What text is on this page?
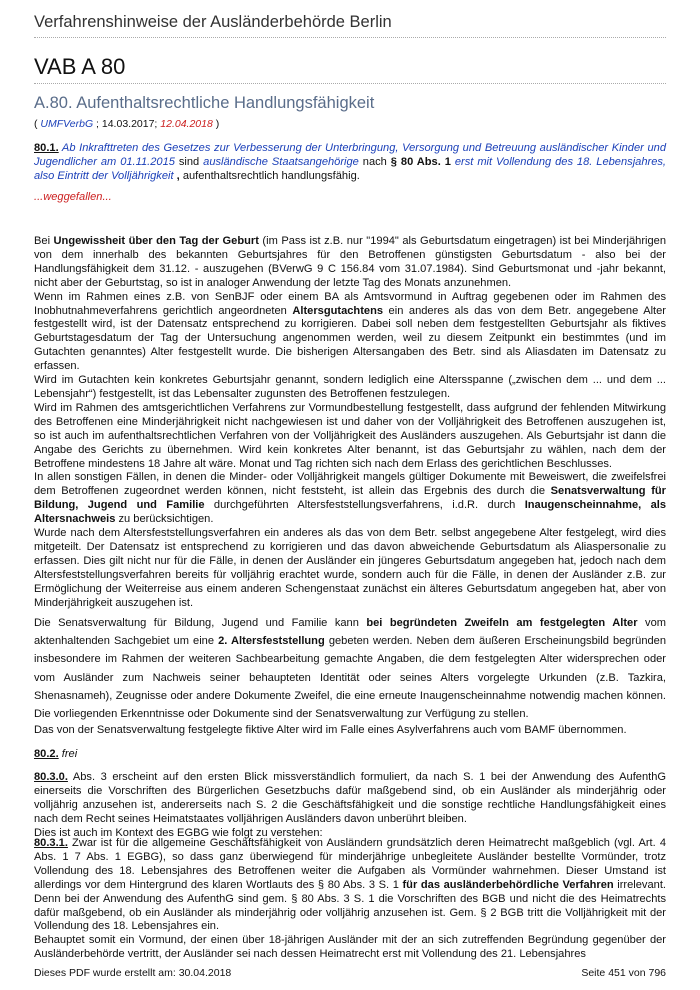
Verfahrenshinweise der Ausländerbehörde Berlin
VAB A 80
A.80. Aufenthaltsrechtliche Handlungsfähigkeit
( UMFVerbG ; 14.03.2017; 12.04.2018 )
80.1. Ab Inkrafttreten des Gesetzes zur Verbesserung der Unterbringung, Versorgung und Betreuung ausländischer Kinder und Jugendlicher am 01.11.2015 sind ausländische Staatsangehörige nach § 80 Abs. 1 erst mit Vollendung des 18. Lebensjahres, also Eintritt der Volljährigkeit , aufenthaltsrechtlich handlungsfähig.
...weggefallen...
Bei Ungewissheit über den Tag der Geburt (im Pass ist z.B. nur "1994" als Geburtsdatum eingetragen) ist bei Minderjährigen von dem innerhalb des bekannten Geburtsjahres für den Betroffenen günstigsten Geburtsdatum - also bei der Handlungsfähigkeit dem 31.12. - auszugehen (BVerwG 9 C 156.84 vom 31.07.1984). Sind Geburtsmonat und -jahr bekannt, nicht aber der Geburtstag, so ist in analoger Anwendung der letzte Tag des Monats anzunehmen.
Wenn im Rahmen eines z.B. von SenBJF oder einem BA als Amtsvormund in Auftrag gegebenen oder im Rahmen des Inobhutnahmeverfahrens gerichtlich angeordneten Altersgutachtens ein anderes als das von dem Betr. angegebene Alter festgestellt wird, ist der Datensatz entsprechend zu korrigieren. Dabei soll neben dem festgestellten Geburtsjahr als fiktives Geburtstagesdatum der Tag der Untersuchung angenommen werden, weil zu diesem Zeitpunkt ein bestimmtes (und im Gutachten genanntes) Alter festgestellt wurde. Die bisherigen Altersangaben des Betr. sind als Aliasdaten im Datensatz zu erfassen.
Wird im Gutachten kein konkretes Geburtsjahr genannt, sondern lediglich eine Altersspanne („zwischen dem ... und dem ... Lebensjahr“) festgestellt, ist das Lebensalter zugunsten des Betroffenen festzulegen.
Wird im Rahmen des amtsgerichtlichen Verfahrens zur Vormundbestellung festgestellt, dass aufgrund der fehlenden Mitwirkung des Betroffenen eine Minderjährigkeit nicht nachgewiesen ist und daher von der Volljährigkeit des Betroffenen auszugehen ist, so ist auch im aufenthaltsrechtlichen Verfahren von der Volljährigkeit des Ausländers auszugehen. Als Geburtsjahr ist dann die Angabe des Gerichts zu übernehmen. Wird kein konkretes Alter benannt, ist das Geburtsjahr zu wählen, nach dem der Betroffene mindestens 18 Jahre alt wäre. Monat und Tag richten sich nach dem Erlass des gerichtlichen Beschlusses.
In allen sonstigen Fällen, in denen die Minder- oder Volljährigkeit mangels gültiger Dokumente mit Beweiswert, die zweifelsfrei dem Betroffenen zugeordnet werden können, nicht feststeht, ist allein das Ergebnis des durch die Senatsverwaltung für Bildung, Jugend und Familie durchgeführten Altersfeststellungsverfahrens, i.d.R. durch Inaugenscheinnahme, als Altersnachweis zu berücksichtigen.
Wurde nach dem Altersfeststellungsverfahren ein anderes als das von dem Betr. selbst angegebene Alter festgelegt, wird dies mitgeteilt. Der Datensatz ist entsprechend zu korrigieren und das davon abweichende Geburtsdatum als Aliaspersonalie zu erfassen. Dies gilt nicht nur für die Fälle, in denen der Ausländer ein jüngeres Geburtsdatum angegeben hat, jedoch nach dem Altersfeststellungsverfahren bereits für volljährig erachtet wurde, sondern auch für die Fälle, in denen der Ausländer z.B. zur Ermöglichung der Weiterreise aus einem anderen Schengenstaat zunächst ein älteres Geburtsdatum angegeben hat, aber von Minderjährigkeit auszugehen ist.
Die Senatsverwaltung für Bildung, Jugend und Familie kann bei begründeten Zweifeln am festgelegten Alter vom aktenhaltenden Sachgebiet um eine 2. Altersfeststellung gebeten werden. Neben dem äußeren Erscheinungsbild begründen insbesondere im Rahmen der weiteren Sachbearbeitung gemachte Angaben, die dem festgelegten Alter widersprechen oder vom Ausländer zum Nachweis seiner behaupteten Identität oder seines Alters vorgelegte Urkunden (z.B. Tazkira, Shenasnameh), Zeugnisse oder andere Dokumente Zweifel, die eine erneute Inaugenscheinnahme notwendig machen können. Die vorliegenden Erkenntnisse oder Dokumente sind der Senatsverwaltung zur Verfügung zu stellen.
Das von der Senatsverwaltung festgelegte fiktive Alter wird im Falle eines Asylverfahrens auch vom BAMF übernommen.
80.2. frei
80.3.0. Abs. 3 erscheint auf den ersten Blick missverständlich formuliert, da nach S. 1 bei der Anwendung des AufenthG einerseits die Vorschriften des Bürgerlichen Gesetzbuchs dafür maßgebend sind, ob ein Ausländer als minderjährig oder volljährig anzusehen ist, andererseits nach S. 2 die Geschäftsfähigkeit und die sonstige rechtliche Handlungsfähigkeit eines nach dem Recht seines Heimatstaates volljährigen Ausländers davon unberührt bleiben.
Dies ist auch im Kontext des EGBG wie folgt zu verstehen:
80.3.1. Zwar ist für die allgemeine Geschäftsfähigkeit von Ausländern grundsätzlich deren Heimatrecht maßgeblich (vgl. Art. 4 Abs. 1 7 Abs. 1 EGBG), so dass ganz überwiegend für minderjährige unbegleitete Ausländer bestellte Vormünder, trotz Vollendung des 18. Lebensjahres des Betroffenen weiter die Aufgaben als Vormünder wahrnehmen. Dieser Umstand ist allerdings vor dem Hintergrund des klaren Wortlauts des § 80 Abs. 3 S. 1 für das ausländerbehördliche Verfahren irrelevant. Denn bei der Anwendung des AufenthG sind gem. § 80 Abs. 3 S. 1 die Vorschriften des BGB und nicht die des Heimatrechts dafür maßgebend, ob ein Ausländer als minderjährig oder volljährig anzusehen ist. Gem. § 2 BGB tritt die Volljährigkeit mit der Vollendung des 18. Lebensjahres ein.
Behauptet somit ein Vormund, der einen über 18-jährigen Ausländer mit der an sich zutreffenden Begründung gegenüber der Ausländerbehörde vertritt, der Ausländer sei nach dessen Heimatrecht erst mit Vollendung des 21. Lebensjahres
Dieses PDF wurde erstellt am: 30.04.2018	Seite 451 von 796
